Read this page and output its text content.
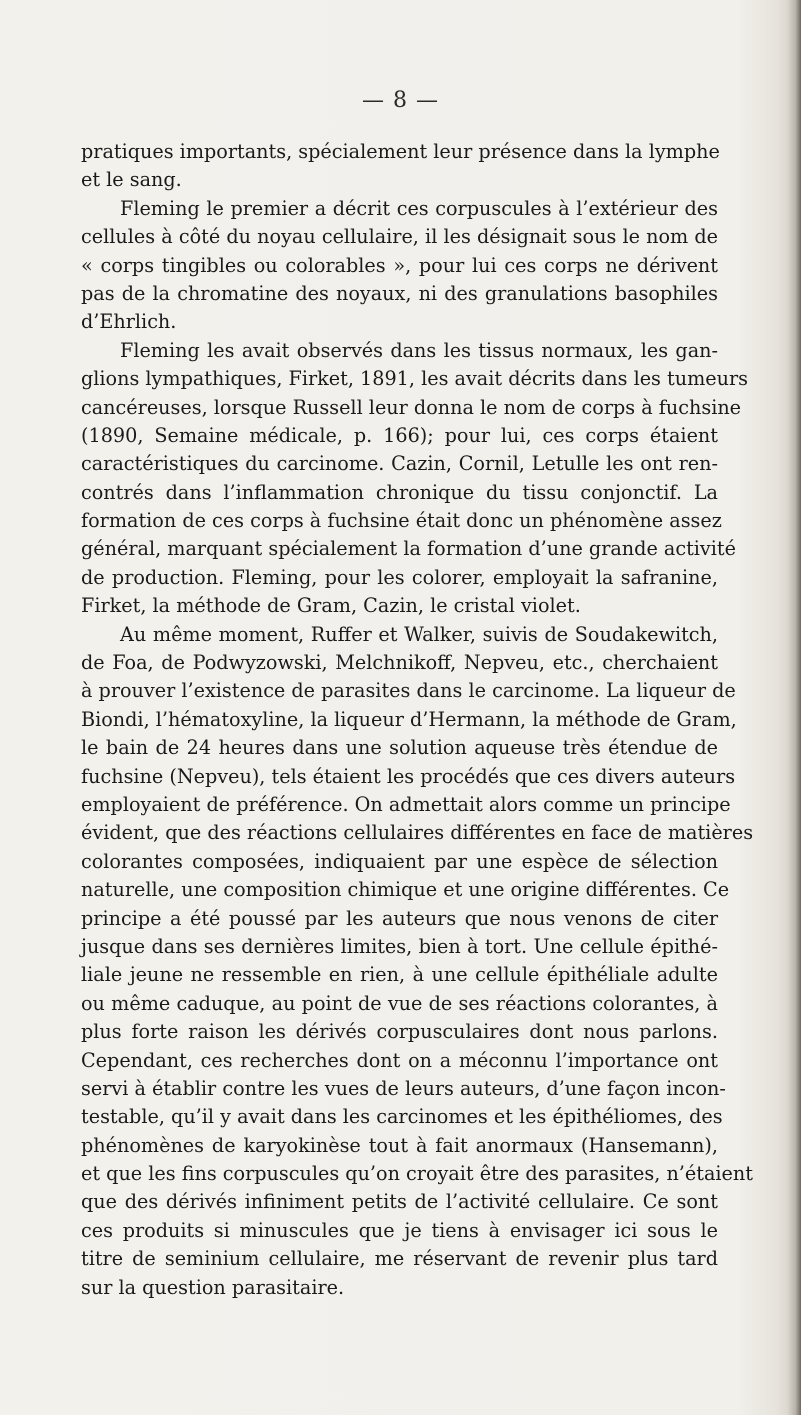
— 8 —
pratiques importants, spécialement leur présence dans la lymphe
et le sang.
Fleming le premier a décrit ces corpuscules à l’extérieur des
cellules à côté du noyau cellulaire, il les désignait sous le nom de
« corps tingibles ou colorables », pour lui ces corps ne dérivent
pas de la chromatine des noyaux, ni des granulations basophiles
d’Ehrlich.
Fleming les avait observés dans les tissus normaux, les gan-
glions lympathiques, Firket, 1891, les avait décrits dans les tumeurs
cancéreuses, lorsque Russell leur donna le nom de corps à fuchsine
(1890, Semaine médicale, p. 166); pour lui, ces corps étaient
caractéristiques du carcinome. Cazin, Cornil, Letulle les ont ren-
contrés dans l’inflammation chronique du tissu conjonctif. La
formation de ces corps à fuchsine était donc un phénomène assez
général, marquant spécialement la formation d’une grande activité
de production. Fleming, pour les colorer, employait la safranine,
Firket, la méthode de Gram, Cazin, le cristal violet.
Au même moment, Ruffer et Walker, suivis de Soudakewitch,
de Foa, de Podwyzowski, Melchnikoff, Nepveu, etc., cherchaient
à prouver l’existence de parasites dans le carcinome. La liqueur de
Biondi, l’hématoxyline, la liqueur d’Hermann, la méthode de Gram,
le bain de 24 heures dans une solution aqueuse très étendue de
fuchsine (Nepveu), tels étaient les procédés que ces divers auteurs
employaient de préférence. On admettait alors comme un principe
évident, que des réactions cellulaires différentes en face de matières
colorantes composées, indiquaient par une espèce de sélection
naturelle, une composition chimique et une origine différentes. Ce
principe a été poussé par les auteurs que nous venons de citer
jusque dans ses dernières limites, bien à tort. Une cellule épithé-
liale jeune ne ressemble en rien, à une cellule épithéliale adulte
ou même caduque, au point de vue de ses réactions colorantes, à
plus forte raison les dérivés corpusculaires dont nous parlons.
Cependant, ces recherches dont on a méconnu l’importance ont
servi à établir contre les vues de leurs auteurs, d’une façon incon-
testable, qu’il y avait dans les carcinomes et les épithéliomes, des
phénomènes de karyokinèse tout à fait anormaux (Hansemann),
et que les fins corpuscules qu’on croyait être des parasites, n’étaient
que des dérivés infiniment petits de l’activité cellulaire. Ce sont
ces produits si minuscules que je tiens à envisager ici sous le
titre de seminium cellulaire, me réservant de revenir plus tard
sur la question parasitaire.
